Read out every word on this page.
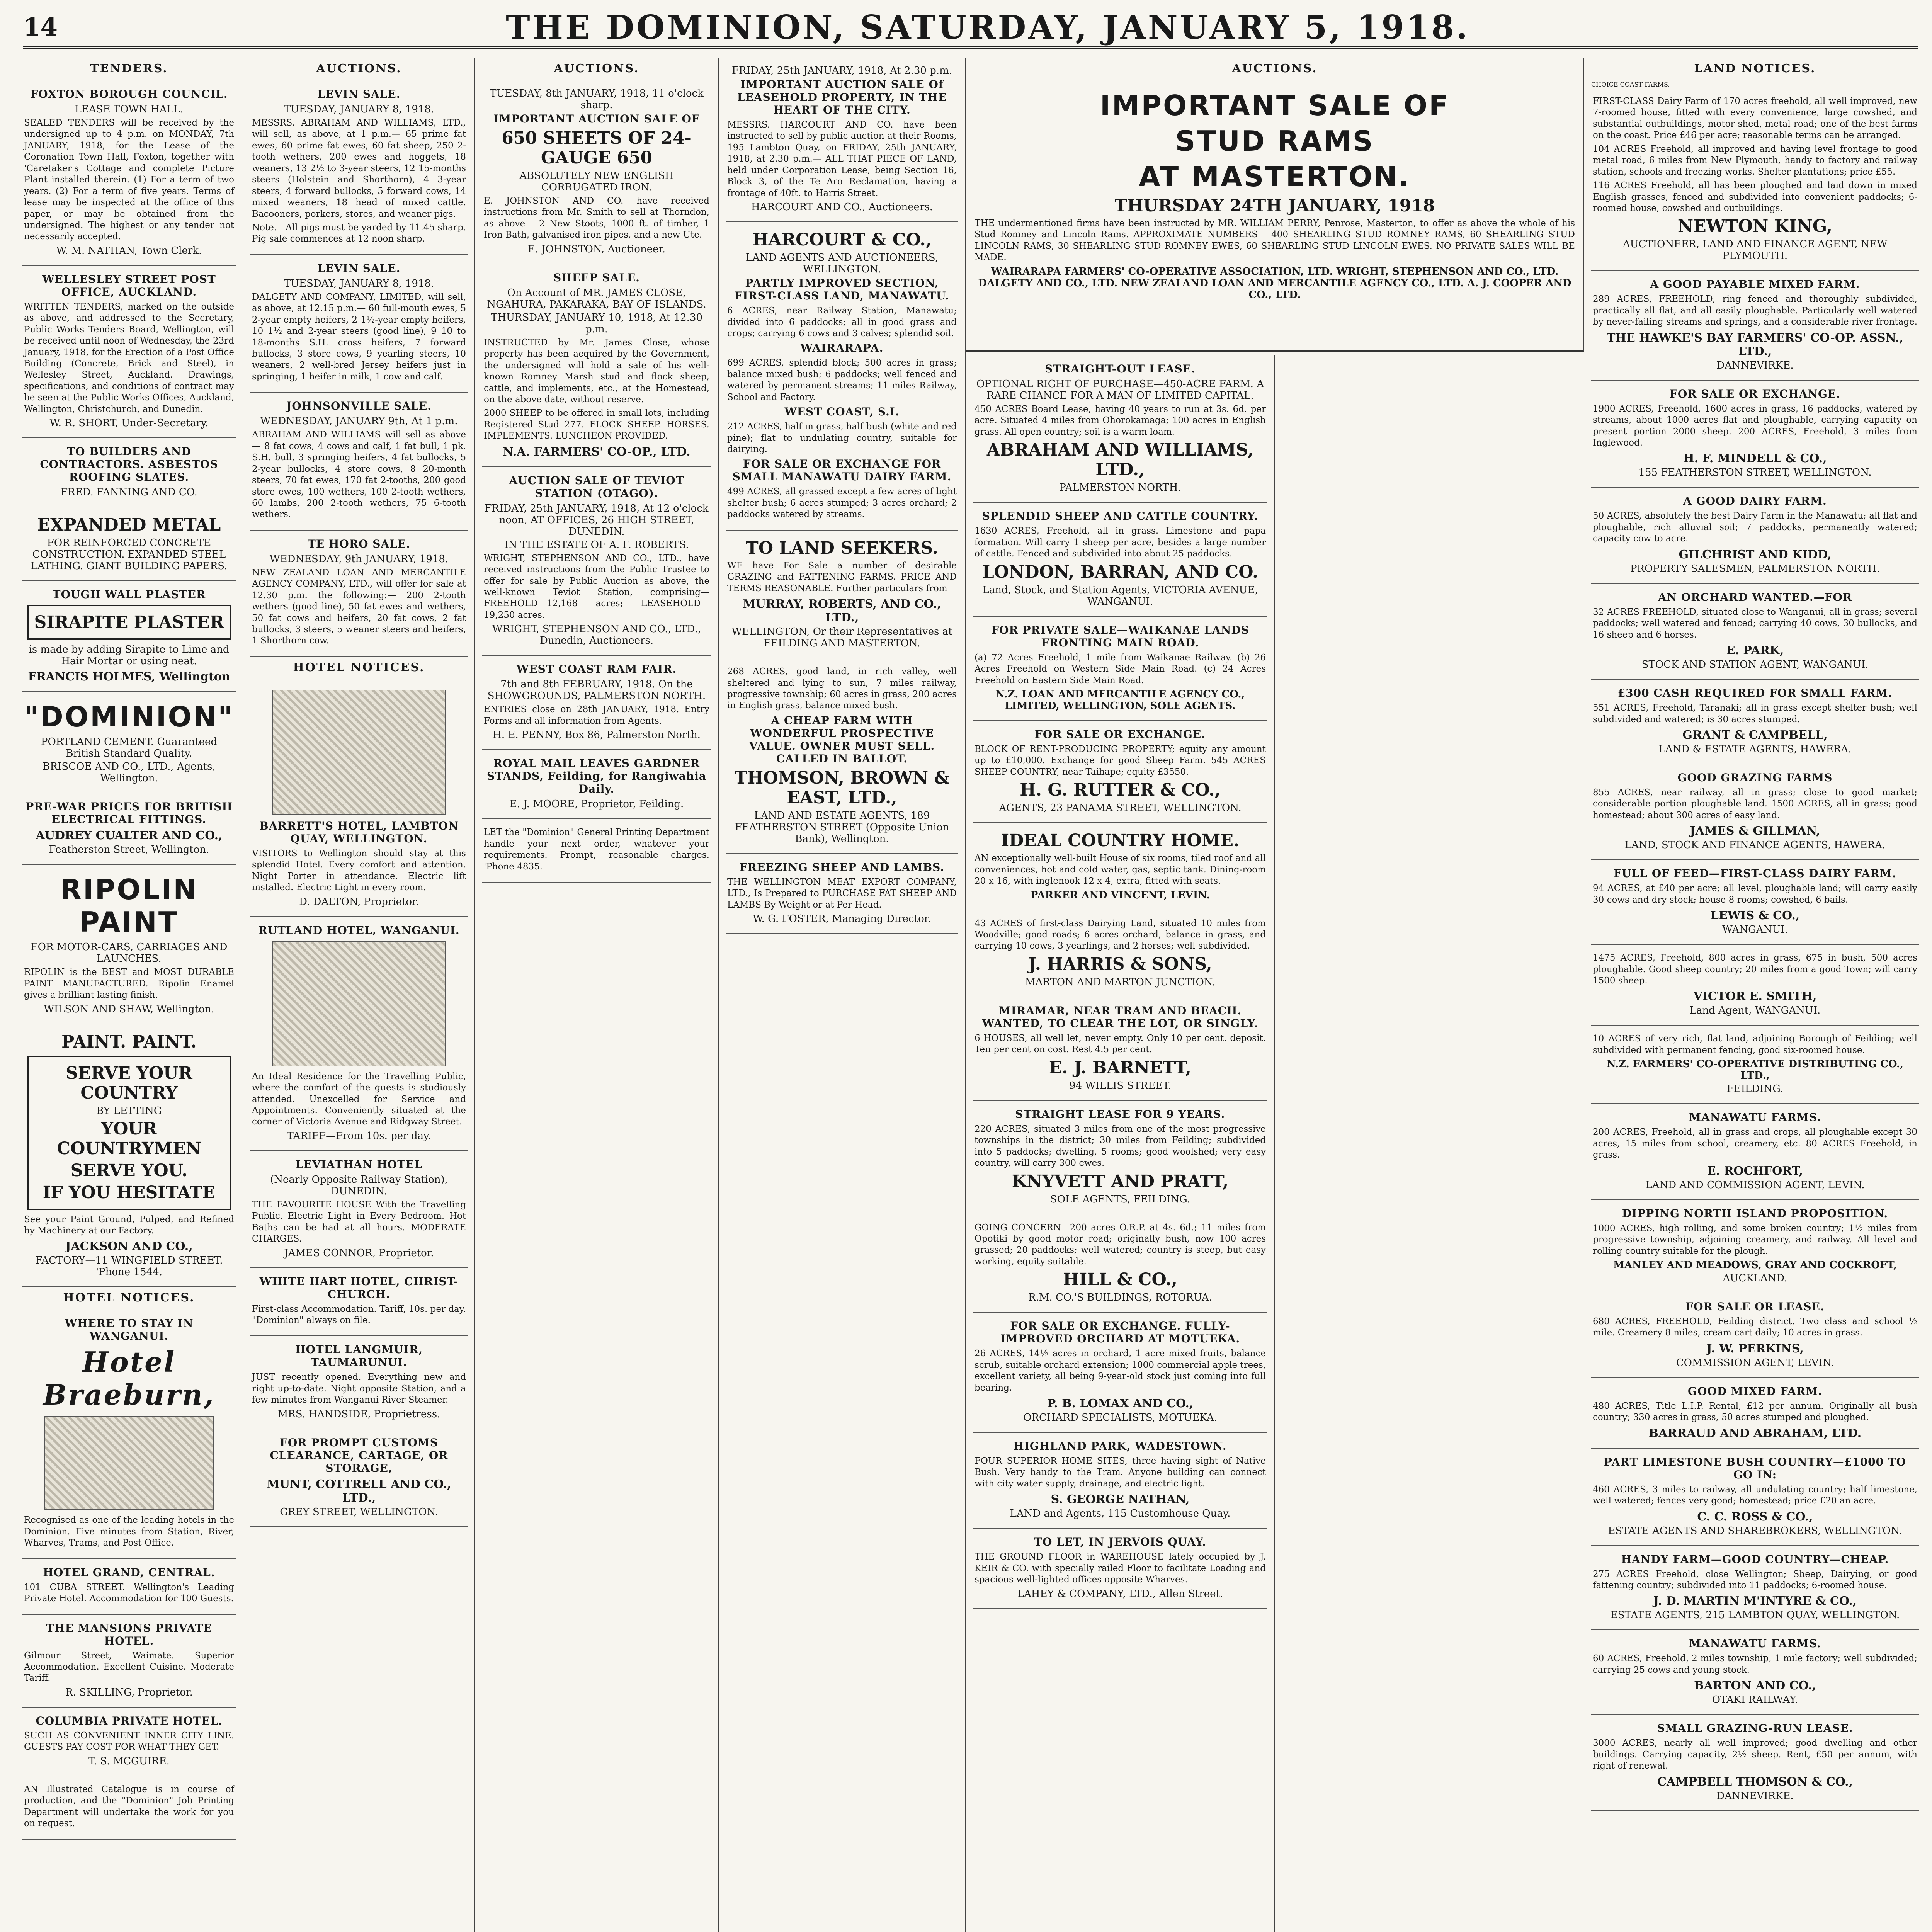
14	THE DOMINION, SATURDAY, JANUARY 5, 1918.
TENDERS.
FOXTON BOROUGH COUNCIL.
LEASE TOWN HALL.

SEALED TENDERS will be received by the undersigned up to 4 p.m. on MONDAY, 7th JANUARY, 1918, for the Lease of the Coronation Town Hall, Foxton, together with 'Caretaker's Cottage and complete Picture Plant installed therein. (1) For a term of two years. (2) For a term of five years. Terms of lease may be inspected at the office of this paper, or may be obtained from the undersigned. The highest or any tender not necessarily accepted.

W. M. NATHAN, Town Clerk.
WELLESLEY STREET POST OFFICE, AUCKLAND.

WRITTEN TENDERS, marked on the outside as above, and addressed to the Secretary, Public Works Tenders Board, Wellington, will be received until noon of Wednesday, the 23rd January, 1918, for the Erection of a Post Office Building (Concrete, Brick and Steel), in Wellesley Street, Auckland. Drawings, specifications, and conditions of contract may be seen at the Public Works Offices, Auckland, Wellington, Christchurch, and Dunedin.

W. R. SHORT, Under-Secretary.
TO BUILDERS AND CONTRACTORS. ASBESTOS ROOFING SLATES.
FRED. FANNING AND CO.
EXPANDED METAL
FOR REINFORCED CONCRETE CONSTRUCTION. EXPANDED STEEL LATHING. GIANT BUILDING PAPERS.
TOUGH WALL PLASTER
SIRAPITE PLASTER
is made by adding Sirapite to Lime and Hair Mortar or using neat.
FRANCIS HOLMES, Wellington
"DOMINION"
PORTLAND CEMENT. Guaranteed British Standard Quality.
BRISCOE AND CO., LTD., Agents, Wellington.
PRE-WAR PRICES FOR BRITISH ELECTRICAL FITTINGS.
AUDREY CUALTER AND CO.,
Featherston Street, Wellington.
RIPOLIN PAINT
FOR MOTOR-CARS, CARRIAGES AND LAUNCHES.

RIPOLIN is the BEST and MOST DURABLE PAINT MANUFACTURED. Ripolin Enamel gives a brilliant lasting finish.

WILSON AND SHAW, Wellington.
PAINT. PAINT.
SERVE YOUR COUNTRY
BY LETTING
YOUR COUNTRYMEN
SERVE YOU.
IF YOU HESITATE

See your Paint Ground, Pulped, and Refined by Machinery at our Factory.

JACKSON AND CO.,
FACTORY—11 WINGFIELD STREET. 'Phone 1544.
HOTEL NOTICES.
WHERE TO STAY IN WANGANUI.
Hotel Braeburn,

Recognised as one of the leading hotels in the Dominion. Five minutes from Station, River, Wharves, Trams, and Post Office.

HOTEL GRAND, CENTRAL.

101 CUBA STREET. Wellington's Leading Private Hotel. Accommodation for 100 Guests.

THE MANSIONS PRIVATE HOTEL.

Gilmour Street, Waimate. Superior Accommodation. Excellent Cuisine. Moderate Tariff.

R. SKILLING, Proprietor.
COLUMBIA PRIVATE HOTEL.

SUCH AS CONVENIENT INNER CITY LINE. GUESTS PAY COST FOR WHAT THEY GET.

T. S. MCGUIRE.

AN Illustrated Catalogue is in course of production, and the "Dominion" Job Printing Department will undertake the work for you on request.

AUCTIONS.
LEVIN SALE.
TUESDAY, JANUARY 8, 1918.

MESSRS. ABRAHAM AND WILLIAMS, LTD., will sell, as above, at 1 p.m.— 65 prime fat ewes, 60 prime fat ewes, 60 fat sheep, 250 2-tooth wethers, 200 ewes and hoggets, 18 weaners, 13 2½ to 3-year steers, 12 15-months steers (Holstein and Shorthorn), 4 3-year steers, 4 forward bullocks, 5 forward cows, 14 mixed weaners, 18 head of mixed cattle. Bacooners, porkers, stores, and weaner pigs.

Note.—All pigs must be yarded by 11.45 sharp. Pig sale commences at 12 noon sharp.

LEVIN SALE.
TUESDAY, JANUARY 8, 1918.

DALGETY AND COMPANY, LIMITED, will sell, as above, at 12.15 p.m.— 60 full-mouth ewes, 5 2-year empty heifers, 2 1½-year empty heifers, 10 1½ and 2-year steers (good line), 9 10 to 18-months S.H. cross heifers, 7 forward bullocks, 3 store cows, 9 yearling steers, 10 weaners, 2 well-bred Jersey heifers just in springing, 1 heifer in milk, 1 cow and calf.

JOHNSONVILLE SALE.
WEDNESDAY, JANUARY 9th, At 1 p.m.

ABRAHAM AND WILLIAMS will sell as above— 8 fat cows, 4 cows and calf, 1 fat bull, 1 pk. S.H. bull, 3 springing heifers, 4 fat bullocks, 5 2-year bullocks, 4 store cows, 8 20-month steers, 70 fat ewes, 170 fat 2-tooths, 200 good store ewes, 100 wethers, 100 2-tooth wethers, 60 lambs, 200 2-tooth wethers, 75 6-tooth wethers.

TE HORO SALE.
WEDNESDAY, 9th JANUARY, 1918.

NEW ZEALAND LOAN AND MERCANTILE AGENCY COMPANY, LTD., will offer for sale at 12.30 p.m. the following:— 200 2-tooth wethers (good line), 50 fat ewes and wethers, 50 fat cows and heifers, 20 fat cows, 2 fat bullocks, 3 steers, 5 weaner steers and heifers, 1 Shorthorn cow.

HOTEL NOTICES.
BARRETT'S HOTEL, LAMBTON QUAY, WELLINGTON.

VISITORS to Wellington should stay at this splendid Hotel. Every comfort and attention. Night Porter in attendance. Electric lift installed. Electric Light in every room.

D. DALTON, Proprietor.
RUTLAND HOTEL, WANGANUI.

An Ideal Residence for the Travelling Public, where the comfort of the guests is studiously attended. Unexcelled for Service and Appointments. Conveniently situated at the corner of Victoria Avenue and Ridgway Street.

TARIFF—From 10s. per day.
LEVIATHAN HOTEL
(Nearly Opposite Railway Station), DUNEDIN.

THE FAVOURITE HOUSE With the Travelling Public. Electric Light in Every Bedroom. Hot Baths can be had at all hours. MODERATE CHARGES.

JAMES CONNOR, Proprietor.
WHITE HART HOTEL, CHRIST-CHURCH.

First-class Accommodation. Tariff, 10s. per day. "Dominion" always on file.

HOTEL LANGMUIR, TAUMARUNUI.

JUST recently opened. Everything new and right up-to-date. Night opposite Station, and a few minutes from Wanganui River Steamer.

MRS. HANDSIDE, Proprietress.
FOR PROMPT CUSTOMS CLEARANCE, CARTAGE, OR STORAGE,
MUNT, COTTRELL AND CO., LTD.,
GREY STREET, WELLINGTON.
AUCTIONS.
TUESDAY, 8th JANUARY, 1918, 11 o'clock sharp.
IMPORTANT AUCTION SALE OF
650 SHEETS OF 24-GAUGE 650
ABSOLUTELY NEW ENGLISH CORRUGATED IRON.

E. JOHNSTON AND CO. have received instructions from Mr. Smith to sell at Thorndon, as above— 2 New Stoots, 1000 ft. of timber, 1 Iron Bath, galvanised iron pipes, and a new Ute.

E. JOHNSTON, Auctioneer.
SHEEP SALE.
On Account of MR. JAMES CLOSE, NGAHURA, PAKARAKA, BAY OF ISLANDS.
THURSDAY, JANUARY 10, 1918, At 12.30 p.m.

INSTRUCTED by Mr. James Close, whose property has been acquired by the Government, the undersigned will hold a sale of his well-known Romney Marsh stud and flock sheep, cattle, and implements, etc., at the Homestead, on the above date, without reserve.

2000 SHEEP to be offered in small lots, including Registered Stud 277. FLOCK SHEEP. HORSES. IMPLEMENTS. LUNCHEON PROVIDED.

N.A. FARMERS' CO-OP., LTD.
AUCTION SALE OF TEVIOT STATION (OTAGO).
FRIDAY, 25th JANUARY, 1918, At 12 o'clock noon, AT OFFICES, 26 HIGH STREET, DUNEDIN.
IN THE ESTATE OF A. F. ROBERTS.

WRIGHT, STEPHENSON AND CO., LTD., have received instructions from the Public Trustee to offer for sale by Public Auction as above, the well-known Teviot Station, comprising— FREEHOLD—12,168 acres; LEASEHOLD—19,250 acres.

WRIGHT, STEPHENSON AND CO., LTD., Dunedin, Auctioneers.
WEST COAST RAM FAIR.
7th and 8th FEBRUARY, 1918. On the SHOWGROUNDS, PALMERSTON NORTH.

ENTRIES close on 28th JANUARY, 1918. Entry Forms and all information from Agents.

H. E. PENNY, Box 86, Palmerston North.
ROYAL MAIL LEAVES GARDNER STANDS, Feilding, for Rangiwahia Daily.
E. J. MOORE, Proprietor, Feilding.

LET the "Dominion" General Printing Department handle your next order, whatever your requirements. Prompt, reasonable charges. 'Phone 4835.

FRIDAY, 25th JANUARY, 1918, At 2.30 p.m.
IMPORTANT AUCTION SALE Of LEASEHOLD PROPERTY, IN THE HEART OF THE CITY.

MESSRS. HARCOURT AND CO. have been instructed to sell by public auction at their Rooms, 195 Lambton Quay, on FRIDAY, 25th JANUARY, 1918, at 2.30 p.m.— ALL THAT PIECE OF LAND, held under Corporation Lease, being Section 16, Block 3, of the Te Aro Reclamation, having a frontage of 40ft. to Harris Street.

HARCOURT AND CO., Auctioneers.
HARCOURT & CO.,
LAND AGENTS AND AUCTIONEERS, WELLINGTON.
PARTLY IMPROVED SECTION, FIRST-CLASS LAND, MANAWATU.

6 ACRES, near Railway Station, Manawatu; divided into 6 paddocks; all in good grass and crops; carrying 6 cows and 3 calves; splendid soil.

WAIRARAPA.

699 ACRES, splendid block; 500 acres in grass; balance mixed bush; 6 paddocks; well fenced and watered by permanent streams; 11 miles Railway, School and Factory.

WEST COAST, S.I.

212 ACRES, half in grass, half bush (white and red pine); flat to undulating country, suitable for dairying.

FOR SALE OR EXCHANGE FOR SMALL MANAWATU DAIRY FARM.

499 ACRES, all grassed except a few acres of light shelter bush; 6 acres stumped; 3 acres orchard; 2 paddocks watered by streams.

TO LAND SEEKERS.

WE have For Sale a number of desirable GRAZING and FATTENING FARMS. PRICE AND TERMS REASONABLE. Further particulars from

MURRAY, ROBERTS, AND CO., LTD.,
WELLINGTON, Or their Representatives at FEILDING AND MASTERTON.

268 ACRES, good land, in rich valley, well sheltered and lying to sun, 7 miles railway, progressive township; 60 acres in grass, 200 acres in English grass, balance mixed bush.

A CHEAP FARM WITH WONDERFUL PROSPECTIVE VALUE. OWNER MUST SELL. CALLED IN BALLOT.
THOMSON, BROWN & EAST, LTD.,
LAND AND ESTATE AGENTS, 189 FEATHERSTON STREET (Opposite Union Bank), Wellington.
FREEZING SHEEP AND LAMBS.

THE WELLINGTON MEAT EXPORT COMPANY, LTD., Is Prepared to PURCHASE FAT SHEEP AND LAMBS By Weight or at Per Head.

W. G. FOSTER, Managing Director.
AUCTIONS.
IMPORTANT SALE OF
STUD RAMS
AT MASTERTON.
THURSDAY 24TH JANUARY, 1918

THE undermentioned firms have been instructed by MR. WILLIAM PERRY, Penrose, Masterton, to offer as above the whole of his Stud Romney and Lincoln Rams. APPROXIMATE NUMBERS— 400 SHEARLING STUD ROMNEY RAMS, 60 SHEARLING STUD LINCOLN RAMS, 30 SHEARLING STUD ROMNEY EWES, 60 SHEARLING STUD LINCOLN EWES. NO PRIVATE SALES WILL BE MADE.

WAIRARAPA FARMERS' CO-OPERATIVE ASSOCIATION, LTD. WRIGHT, STEPHENSON AND CO., LTD. DALGETY AND CO., LTD. NEW ZEALAND LOAN AND MERCANTILE AGENCY CO., LTD. A. J. COOPER AND CO., LTD.
STRAIGHT-OUT LEASE.
OPTIONAL RIGHT OF PURCHASE—450-ACRE FARM. A RARE CHANCE FOR A MAN OF LIMITED CAPITAL.

450 ACRES Board Lease, having 40 years to run at 3s. 6d. per acre. Situated 4 miles from Ohorokamaga; 100 acres in English grass. All open country; soil is a warm loam.

ABRAHAM AND WILLIAMS, LTD.,
PALMERSTON NORTH.
SPLENDID SHEEP AND CATTLE COUNTRY.

1630 ACRES, Freehold, all in grass. Limestone and papa formation. Will carry 1 sheep per acre, besides a large number of cattle. Fenced and subdivided into about 25 paddocks.

LONDON, BARRAN, AND CO.
Land, Stock, and Station Agents, VICTORIA AVENUE, WANGANUI.
FOR PRIVATE SALE—WAIKANAE LANDS FRONTING MAIN ROAD.

(a) 72 Acres Freehold, 1 mile from Waikanae Railway. (b) 26 Acres Freehold on Western Side Main Road. (c) 24 Acres Freehold on Eastern Side Main Road.

N.Z. LOAN AND MERCANTILE AGENCY CO., LIMITED, WELLINGTON, SOLE AGENTS.
FOR SALE OR EXCHANGE.

BLOCK OF RENT-PRODUCING PROPERTY; equity any amount up to £10,000. Exchange for good Sheep Farm. 545 ACRES SHEEP COUNTRY, near Taihape; equity £3550.

H. G. RUTTER & CO.,
AGENTS, 23 PANAMA STREET, WELLINGTON.
IDEAL COUNTRY HOME.

AN exceptionally well-built House of six rooms, tiled roof and all conveniences, hot and cold water, gas, septic tank. Dining-room 20 x 16, with inglenook 12 x 4, extra, fitted with seats.

PARKER AND VINCENT, LEVIN.

43 ACRES of first-class Dairying Land, situated 10 miles from Woodville; good roads; 6 acres orchard, balance in grass, and carrying 10 cows, 3 yearlings, and 2 horses; well subdivided.

J. HARRIS & SONS,
MARTON AND MARTON JUNCTION.
MIRAMAR, NEAR TRAM AND BEACH. WANTED, TO CLEAR THE LOT, OR SINGLY.

6 HOUSES, all well let, never empty. Only 10 per cent. deposit. Ten per cent on cost. Rest 4.5 per cent.

E. J. BARNETT,
94 WILLIS STREET.
STRAIGHT LEASE FOR 9 YEARS.

220 ACRES, situated 3 miles from one of the most progressive townships in the district; 30 miles from Feilding; subdivided into 5 paddocks; dwelling, 5 rooms; good woolshed; very easy country, will carry 300 ewes.

KNYVETT AND PRATT,
SOLE AGENTS, FEILDING.

GOING CONCERN—200 acres O.R.P. at 4s. 6d.; 11 miles from Opotiki by good motor road; originally bush, now 100 acres grassed; 20 paddocks; well watered; country is steep, but easy working, equity suitable.

HILL & CO.,
R.M. CO.'S BUILDINGS, ROTORUA.
FOR SALE OR EXCHANGE. FULLY-IMPROVED ORCHARD AT MOTUEKA.

26 ACRES, 14½ acres in orchard, 1 acre mixed fruits, balance scrub, suitable orchard extension; 1000 commercial apple trees, excellent variety, all being 9-year-old stock just coming into full bearing.

P. B. LOMAX AND CO.,
ORCHARD SPECIALISTS, MOTUEKA.
HIGHLAND PARK, WADESTOWN.

FOUR SUPERIOR HOME SITES, three having sight of Native Bush. Very handy to the Tram. Anyone building can connect with city water supply, drainage, and electric light.

S. GEORGE NATHAN,
LAND and Agents, 115 Customhouse Quay.
TO LET, IN JERVOIS QUAY.

THE GROUND FLOOR in WAREHOUSE lately occupied by J. KEIR & CO. with specially railed Floor to facilitate Loading and spacious well-lighted offices opposite Wharves.

LAHEY & COMPANY, LTD., Allen Street.

LAND NOTICES.
CHOICE COAST FARMS.

FIRST-CLASS Dairy Farm of 170 acres freehold, all well improved, new 7-roomed house, fitted with every convenience, large cowshed, and substantial outbuildings, motor shed, metal road; one of the best farms on the coast. Price £46 per acre; reasonable terms can be arranged.

104 ACRES Freehold, all improved and having level frontage to good metal road, 6 miles from New Plymouth, handy to factory and railway station, schools and freezing works. Shelter plantations; price £55.

116 ACRES Freehold, all has been ploughed and laid down in mixed English grasses, fenced and subdivided into convenient paddocks; 6-roomed house, cowshed and outbuildings.

NEWTON KING,
AUCTIONEER, LAND AND FINANCE AGENT, NEW PLYMOUTH.
A GOOD PAYABLE MIXED FARM.

289 ACRES, FREEHOLD, ring fenced and thoroughly subdivided, practically all flat, and all easily ploughable. Particularly well watered by never-failing streams and springs, and a considerable river frontage.

THE HAWKE'S BAY FARMERS' CO-OP. ASSN., LTD.,
DANNEVIRKE.
FOR SALE OR EXCHANGE.

1900 ACRES, Freehold, 1600 acres in grass, 16 paddocks, watered by streams, about 1000 acres flat and ploughable, carrying capacity on present portion 2000 sheep. 200 ACRES, Freehold, 3 miles from Inglewood.

H. F. MINDELL & CO.,
155 FEATHERSTON STREET, WELLINGTON.
A GOOD DAIRY FARM.

50 ACRES, absolutely the best Dairy Farm in the Manawatu; all flat and ploughable, rich alluvial soil; 7 paddocks, permanently watered; capacity cow to acre.

GILCHRIST AND KIDD,
PROPERTY SALESMEN, PALMERSTON NORTH.
AN ORCHARD WANTED.—FOR

32 ACRES FREEHOLD, situated close to Wanganui, all in grass; several paddocks; well watered and fenced; carrying 40 cows, 30 bullocks, and 16 sheep and 6 horses.

E. PARK,
STOCK AND STATION AGENT, WANGANUI.
£300 CASH REQUIRED FOR SMALL FARM.

551 ACRES, Freehold, Taranaki; all in grass except shelter bush; well subdivided and watered; is 30 acres stumped.

GRANT & CAMPBELL,
LAND & ESTATE AGENTS, HAWERA.
GOOD GRAZING FARMS

855 ACRES, near railway, all in grass; close to good market; considerable portion ploughable land. 1500 ACRES, all in grass; good homestead; about 300 acres of easy land.

JAMES & GILLMAN,
LAND, STOCK AND FINANCE AGENTS, HAWERA.
FULL OF FEED—FIRST-CLASS DAIRY FARM.

94 ACRES, at £40 per acre; all level, ploughable land; will carry easily 30 cows and dry stock; house 8 rooms; cowshed, 6 bails.

LEWIS & CO.,
WANGANUI.

1475 ACRES, Freehold, 800 acres in grass, 675 in bush, 500 acres ploughable. Good sheep country; 20 miles from a good Town; will carry 1500 sheep.

VICTOR E. SMITH,
Land Agent, WANGANUI.

10 ACRES of very rich, flat land, adjoining Borough of Feilding; well subdivided with permanent fencing, good six-roomed house.

N.Z. FARMERS' CO-OPERATIVE DISTRIBUTING CO., LTD.,
FEILDING.
MANAWATU FARMS.

200 ACRES, Freehold, all in grass and crops, all ploughable except 30 acres, 15 miles from school, creamery, etc. 80 ACRES Freehold, in grass.

E. ROCHFORT,
LAND AND COMMISSION AGENT, LEVIN.
DIPPING NORTH ISLAND PROPOSITION.

1000 ACRES, high rolling, and some broken country; 1½ miles from progressive township, adjoining creamery, and railway. All level and rolling country suitable for the plough.

MANLEY AND MEADOWS, GRAY AND COCKROFT,
AUCKLAND.
FOR SALE OR LEASE.

680 ACRES, FREEHOLD, Feilding district. Two class and school ½ mile. Creamery 8 miles, cream cart daily; 10 acres in grass.

J. W. PERKINS,
COMMISSION AGENT, LEVIN.
GOOD MIXED FARM.

480 ACRES, Title L.I.P. Rental, £12 per annum. Originally all bush country; 330 acres in grass, 50 acres stumped and ploughed.

BARRAUD AND ABRAHAM, LTD.
PART LIMESTONE BUSH COUNTRY—£1000 TO GO IN:

460 ACRES, 3 miles to railway, all undulating country; half limestone, well watered; fences very good; homestead; price £20 an acre.

C. C. ROSS & CO.,
ESTATE AGENTS AND SHAREBROKERS, WELLINGTON.
HANDY FARM—GOOD COUNTRY—CHEAP.

275 ACRES Freehold, close Wellington; Sheep, Dairying, or good fattening country; subdivided into 11 paddocks; 6-roomed house.

J. D. MARTIN M'INTYRE & CO.,
ESTATE AGENTS, 215 LAMBTON QUAY, WELLINGTON.
MANAWATU FARMS.

60 ACRES, Freehold, 2 miles township, 1 mile factory; well subdivided; carrying 25 cows and young stock.

BARTON AND CO.,
OTAKI RAILWAY.
SMALL GRAZING-RUN LEASE.

3000 ACRES, nearly all well improved; good dwelling and other buildings. Carrying capacity, 2½ sheep. Rent, £50 per annum, with right of renewal.

CAMPBELL THOMSON & CO.,
DANNEVIRKE.
